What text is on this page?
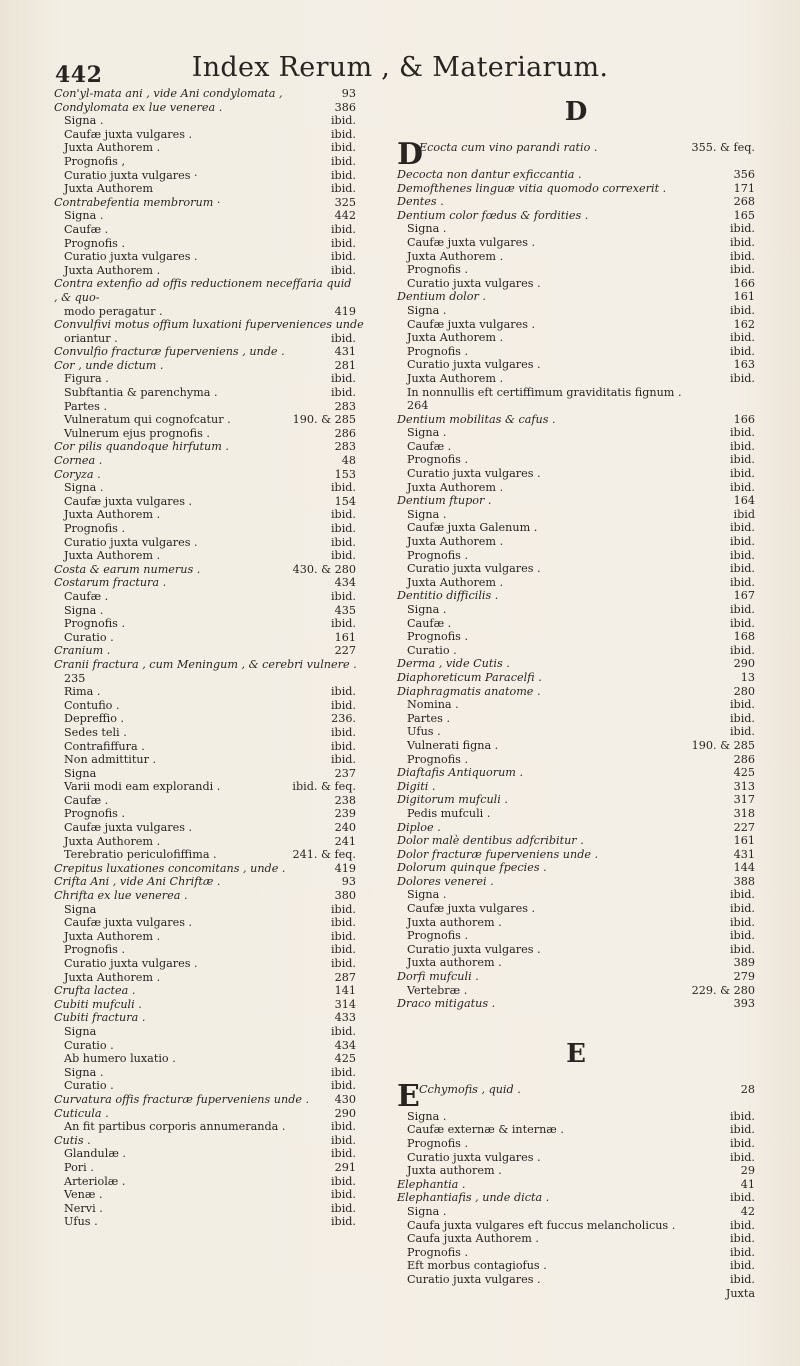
442	Index Rerum , & Materiarum.
Con'yl-mata ani , vide Ani condylomata ,	93
Condylomata ex lue venerea .	386
Signa .	ibid.
Caufæ juxta vulgares .	ibid.
Juxta Authorem .	ibid.
Prognofis ,	ibid.
Curatio juxta vulgares ·	ibid.
Juxta Authorem	ibid.
Contrabefentia membrorum ·	325
Signa .	442
Caufæ .	ibid.
Prognofis .	ibid.
Curatio juxta vulgares .	ibid.
Juxta Authorem .	ibid.
Contra extenfio ad offis reductionem neceffaria quid , & quo-
modo peragatur .	419
Convulfivi motus offium luxationi fuperveniences unde
oriantur .	ibid.
Convulfio fracturæ fuperveniens , unde .	431
Cor , unde dictum .	281
Figura .	ibid.
Subftantia & parenchyma .	ibid.
Partes .	283
Vulneratum qui cognofcatur .	190. & 285
Vulnerum ejus prognofis .	286
Cor pilis quandoque hirfutum .	283
Cornea .	48
Coryza .	153
Signa .	ibid.
Caufæ juxta vulgares .	154
Juxta Authorem .	ibid.
Prognofis .	ibid.
Curatio juxta vulgares .	ibid.
Juxta Authorem .	ibid.
Costa & earum numerus .	430. & 280
Costarum fractura .	434
Caufæ .	ibid.
Signa .	435
Prognofis .	ibid.
Curatio .	161
Cranium .	227
Cranii fractura , cum Meningum , & cerebri vulnere .
235
Rima .	ibid.
Contufio .	ibid.
Depreffio .	236.
Sedes teli .	ibid.
Contrafiffura .	ibid.
Non admittitur .	ibid.
Signa	237
Varii modi eam explorandi .	ibid. & feq.
Caufæ .	238
Prognofis .	239
Caufæ juxta vulgares .	240
Juxta Authorem .	241
Terebratio periculofiffima .	241. & feq.
Crepitus luxationes concomitans , unde .	419
Crifta Ani , vide Ani Chriftæ .	93
Chrifta ex lue venerea .	380
Signa	ibid.
Caufæ juxta vulgares .	ibid.
Juxta Authorem .	ibid.
Prognofis .	ibid.
Curatio juxta vulgares .	ibid.
Juxta Authorem .	287
Crufta lactea .	141
Cubiti mufculi .	314
Cubiti fractura .	433
Signa	ibid.
Curatio .	434
Ab humero luxatio .	425
Signa .	ibid.
Curatio .	ibid.
Curvatura offis fracturæ fuperveniens unde . 430
Cuticula .	290
An fit partibus corporis annumeranda .	ibid.
Cutis .	ibid.
Glandulæ .	ibid.
Pori .	291
Arteriolæ .	ibid.
Venæ .	ibid.
Nervi .	ibid.
Ufus .	ibid.
D
D
Ecocta cum vino parandi ratio .	355. & feq.
Decocta non dantur exficcantia .	356
Demofthenes linguæ vitia quomodo correxerit .	171
Dentes .	268
Dentium color fœdus & fordities .	165
Signa .	ibid.
Caufæ juxta vulgares .	ibid.
Juxta Authorem .	ibid.
Prognofis .	ibid.
Curatio juxta vulgares .	166
Dentium dolor .	161
Signa .	ibid.
Caufæ juxta vulgares .	162
Juxta Authorem .	ibid.
Prognofis .	ibid.
Curatio juxta vulgares .	163
Juxta Authorem .	ibid.
In nonnullis eft certiffimum graviditatis fignum .
264
Dentium mobilitas & cafus .	166
Signa .	ibid.
Caufæ .	ibid.
Prognofis .	ibid.
Curatio juxta vulgares .	ibid.
Juxta Authorem .	ibid.
Dentium ftupor .	164
Signa .	ibid
Caufæ juxta Galenum .	ibid.
Juxta Authorem .	ibid.
Prognofis .	ibid.
Curatio juxta vulgares .	ibid.
Juxta Authorem .	ibid.
Dentitio difficilis .	167
Signa .	ibid.
Caufæ .	ibid.
Prognofis .	168
Curatio .	ibid.
Derma , vide Cutis .	290
Diaphoreticum Paracelfi .	13
Diaphragmatis anatome .	280
Nomina .	ibid.
Partes .	ibid.
Ufus .	ibid.
Vulnerati figna .	190. & 285
Prognofis .	286
Diaftafis Antiquorum .	425
Digiti .	313
Digitorum mufculi .	317
Pedis mufculi .	318
Diploe .	227
Dolor malè dentibus adfcribitur .	161
Dolor fracturæ fuperveniens unde .	431
Dolorum quinque fpecies .	144
Dolores venerei .	388
Signa .	ibid.
Caufæ juxta vulgares .	ibid.
Juxta authorem .	ibid.
Prognofis .	ibid.
Curatio juxta vulgares .	ibid.
Juxta authorem .	389
Dorfi mufculi .	279
Vertebræ .	229. & 280
Draco mitigatus .	393
E
E Cchymofis , quid .	28
Signa .	ibid.
Caufæ externæ & internæ .	ibid.
Prognofis .	ibid.
Curatio juxta vulgares .	ibid.
Juxta authorem .	29
Elephantia .	41
Elephantiafis , unde dicta .	ibid.
Signa .	42
Caufa juxta vulgares eft fuccus melancholicus .	ibid.
Caufa juxta Authorem .	ibid.
Prognofis .	ibid.
Eft morbus contagiofus .	ibid.
Curatio juxta vulgares .	ibid.
Juxta
